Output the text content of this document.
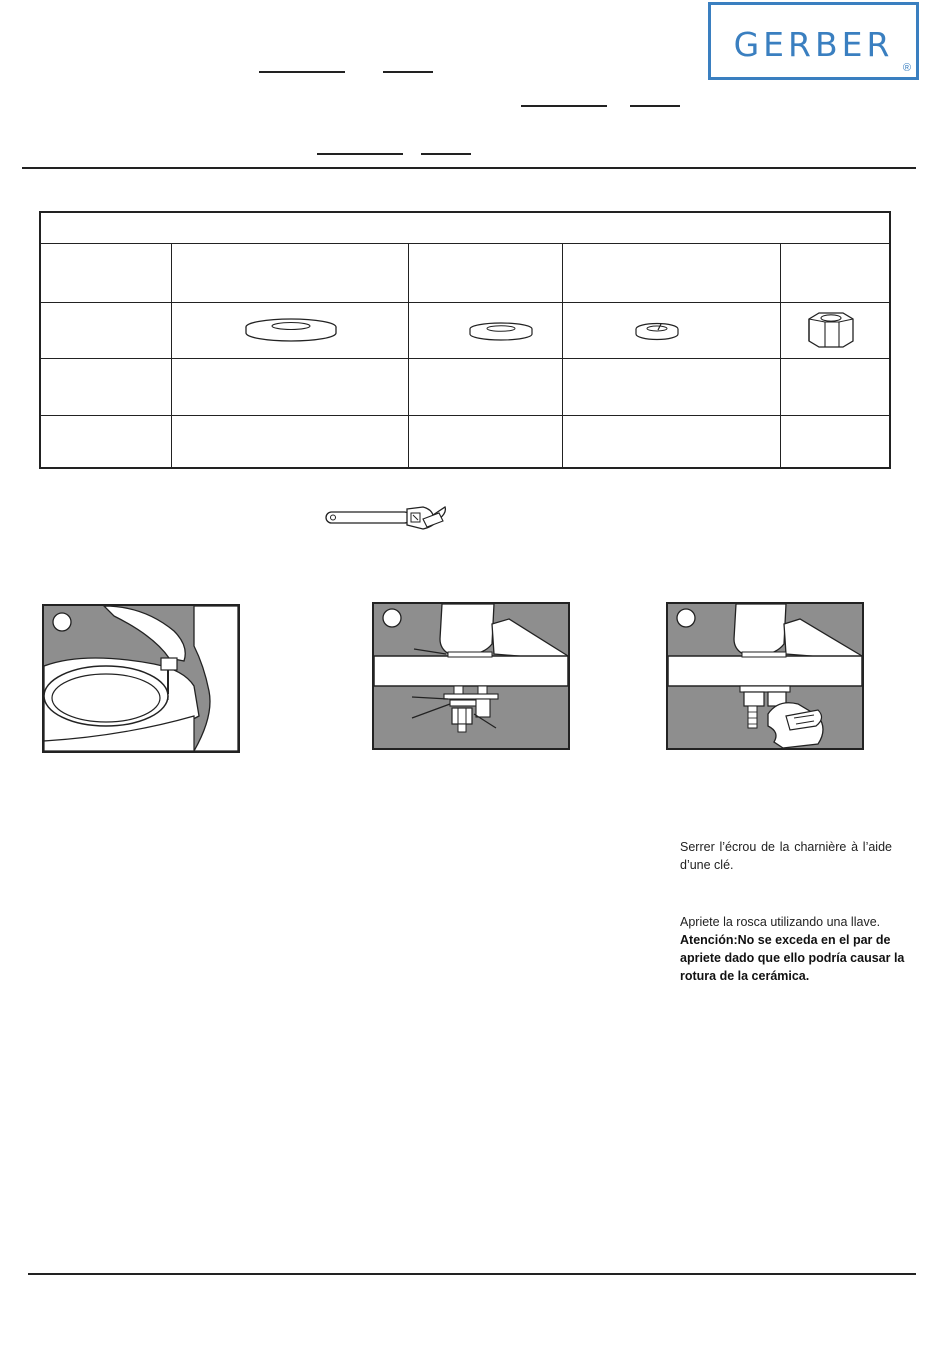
GERBER
®
Serrer l’écrou de la charnière à l’aide d’une clé.
Apriete la rosca utilizando una llave.
Atención:No se exceda en el par de apriete dado que ello podría causar la rotura de la cerámica.
